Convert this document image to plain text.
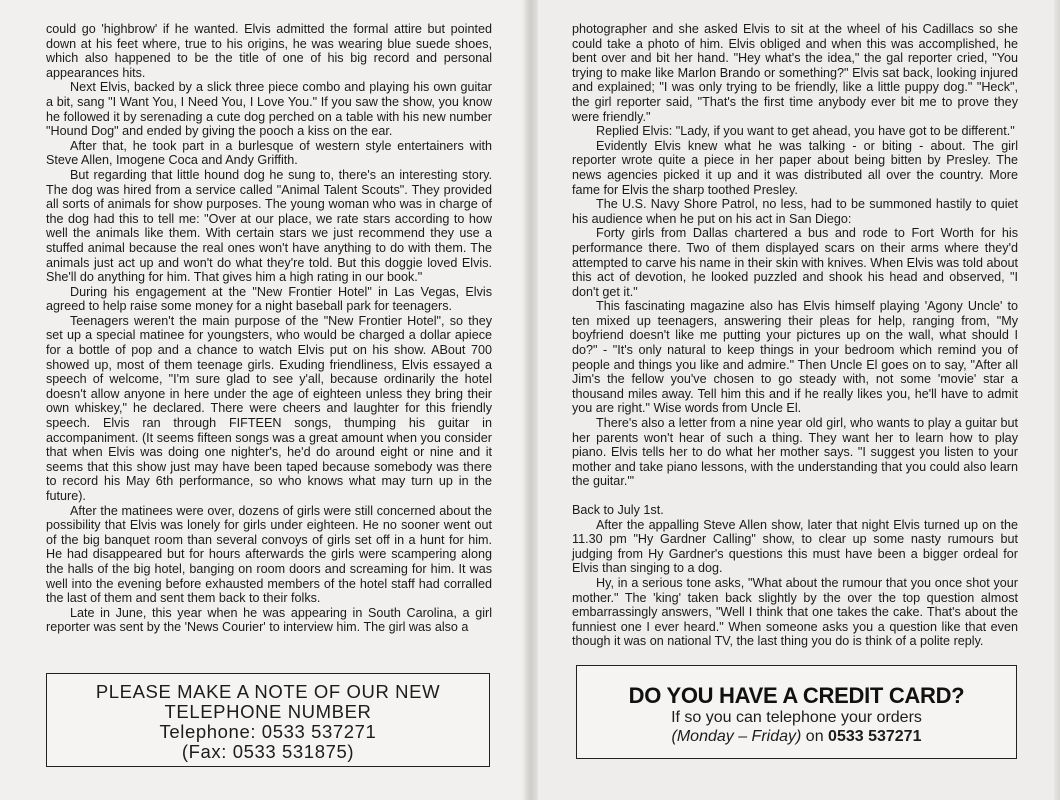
could go 'highbrow' if he wanted. Elvis admitted the formal attire but pointed down at his feet where, true to his origins, he was wearing blue suede shoes, which also happened to be the title of one of his big record and personal appearances hits.

Next Elvis, backed by a slick three piece combo and playing his own guitar a bit, sang "I Want You, I Need You, I Love You." If you saw the show, you know he followed it by serenading a cute dog perched on a table with his new number "Hound Dog" and ended by giving the pooch a kiss on the ear.

After that, he took part in a burlesque of western style entertainers with Steve Allen, Imogene Coca and Andy Griffith.

But regarding that little hound dog he sung to, there's an interesting story. The dog was hired from a service called "Animal Talent Scouts". They provided all sorts of animals for show purposes. The young woman who was in charge of the dog had this to tell me: "Over at our place, we rate stars according to how well the animals like them. With certain stars we just recommend they use a stuffed animal because the real ones won't have anything to do with them. The animals just act up and won't do what they're told. But this doggie loved Elvis. She'll do anything for him. That gives him a high rating in our book."

During his engagement at the "New Frontier Hotel" in Las Vegas, Elvis agreed to help raise some money for a night baseball park for teenagers.

Teenagers weren't the main purpose of the "New Frontier Hotel", so they set up a special matinee for youngsters, who would be charged a dollar apiece for a bottle of pop and a chance to watch Elvis put on his show. ABout 700 showed up, most of them teenage girls. Exuding friendliness, Elvis essayed a speech of welcome, "I'm sure glad to see y'all, because ordinarily the hotel doesn't allow anyone in here under the age of eighteen unless they bring their own whiskey," he declared. There were cheers and laughter for this friendly speech. Elvis ran through FIFTEEN songs, thumping his guitar in accompaniment. (It seems fifteen songs was a great amount when you consider that when Elvis was doing one nighter's, he'd do around eight or nine and it seems that this show just may have been taped because somebody was there to record his May 6th performance, so who knows what may turn up in the future).

After the matinees were over, dozens of girls were still concerned about the possibility that Elvis was lonely for girls under eighteen. He no sooner went out of the big banquet room than several convoys of girls set off in a hunt for him. He had disappeared but for hours afterwards the girls were scampering along the halls of the big hotel, banging on room doors and screaming for him. It was well into the evening before exhausted members of the hotel staff had corralled the last of them and sent them back to their folks.

Late in June, this year when he was appearing in South Carolina, a girl reporter was sent by the 'News Courier' to interview him. The girl was also a

PLEASE MAKE A NOTE OF OUR NEW
TELEPHONE NUMBER
Telephone: 0533 537271
(Fax: 0533 531875)

photographer and she asked Elvis to sit at the wheel of his Cadillacs so she could take a photo of him. Elvis obliged and when this was accomplished, he bent over and bit her hand. "Hey what's the idea," the gal reporter cried, "You trying to make like Marlon Brando or something?" Elvis sat back, looking injured and explained; "I was only trying to be friendly, like a little puppy dog." "Heck", the girl reporter said, "That's the first time anybody ever bit me to prove they were friendly."

Replied Elvis: "Lady, if you want to get ahead, you have got to be different."

Evidently Elvis knew what he was talking - or biting - about. The girl reporter wrote quite a piece in her paper about being bitten by Presley. The news agencies picked it up and it was distributed all over the country. More fame for Elvis the sharp toothed Presley.

The U.S. Navy Shore Patrol, no less, had to be summoned hastily to quiet his audience when he put on his act in San Diego:

Forty girls from Dallas chartered a bus and rode to Fort Worth for his performance there. Two of them displayed scars on their arms where they'd attempted to carve his name in their skin with knives. When Elvis was told about this act of devotion, he looked puzzled and shook his head and observed, "I don't get it."

This fascinating magazine also has Elvis himself playing 'Agony Uncle' to ten mixed up teenagers, answering their pleas for help, ranging from, "My boyfriend doesn't like me putting your pictures up on the wall, what should I do?" - "It's only natural to keep things in your bedroom which remind you of people and things you like and admire." Then Uncle El goes on to say, "After all Jim's the fellow you've chosen to go steady with, not some 'movie' star a thousand miles away. Tell him this and if he really likes you, he'll have to admit you are right." Wise words from Uncle El.

There's also a letter from a nine year old girl, who wants to play a guitar but her parents won't hear of such a thing. They want her to learn how to play piano. Elvis tells her to do what her mother says. "I suggest you listen to your mother and take piano lessons, with the understanding that you could also learn the guitar."'

Back to July 1st.

After the appalling Steve Allen show, later that night Elvis turned up on the 11.30 pm "Hy Gardner Calling" show, to clear up some nasty rumours but judging from Hy Gardner's questions this must have been a bigger ordeal for Elvis than singing to a dog.

Hy, in a serious tone asks, "What about the rumour that you once shot your mother." The 'king' taken back slightly by the over the top question almost embarrassingly answers, "Well I think that one takes the cake. That's about the funniest one I ever heard." When someone asks you a question like that even though it was on national TV, the last thing you do is think of a polite reply.

DO YOU HAVE A CREDIT CARD?
If so you can telephone your orders
(Monday – Friday) on 0533 537271
